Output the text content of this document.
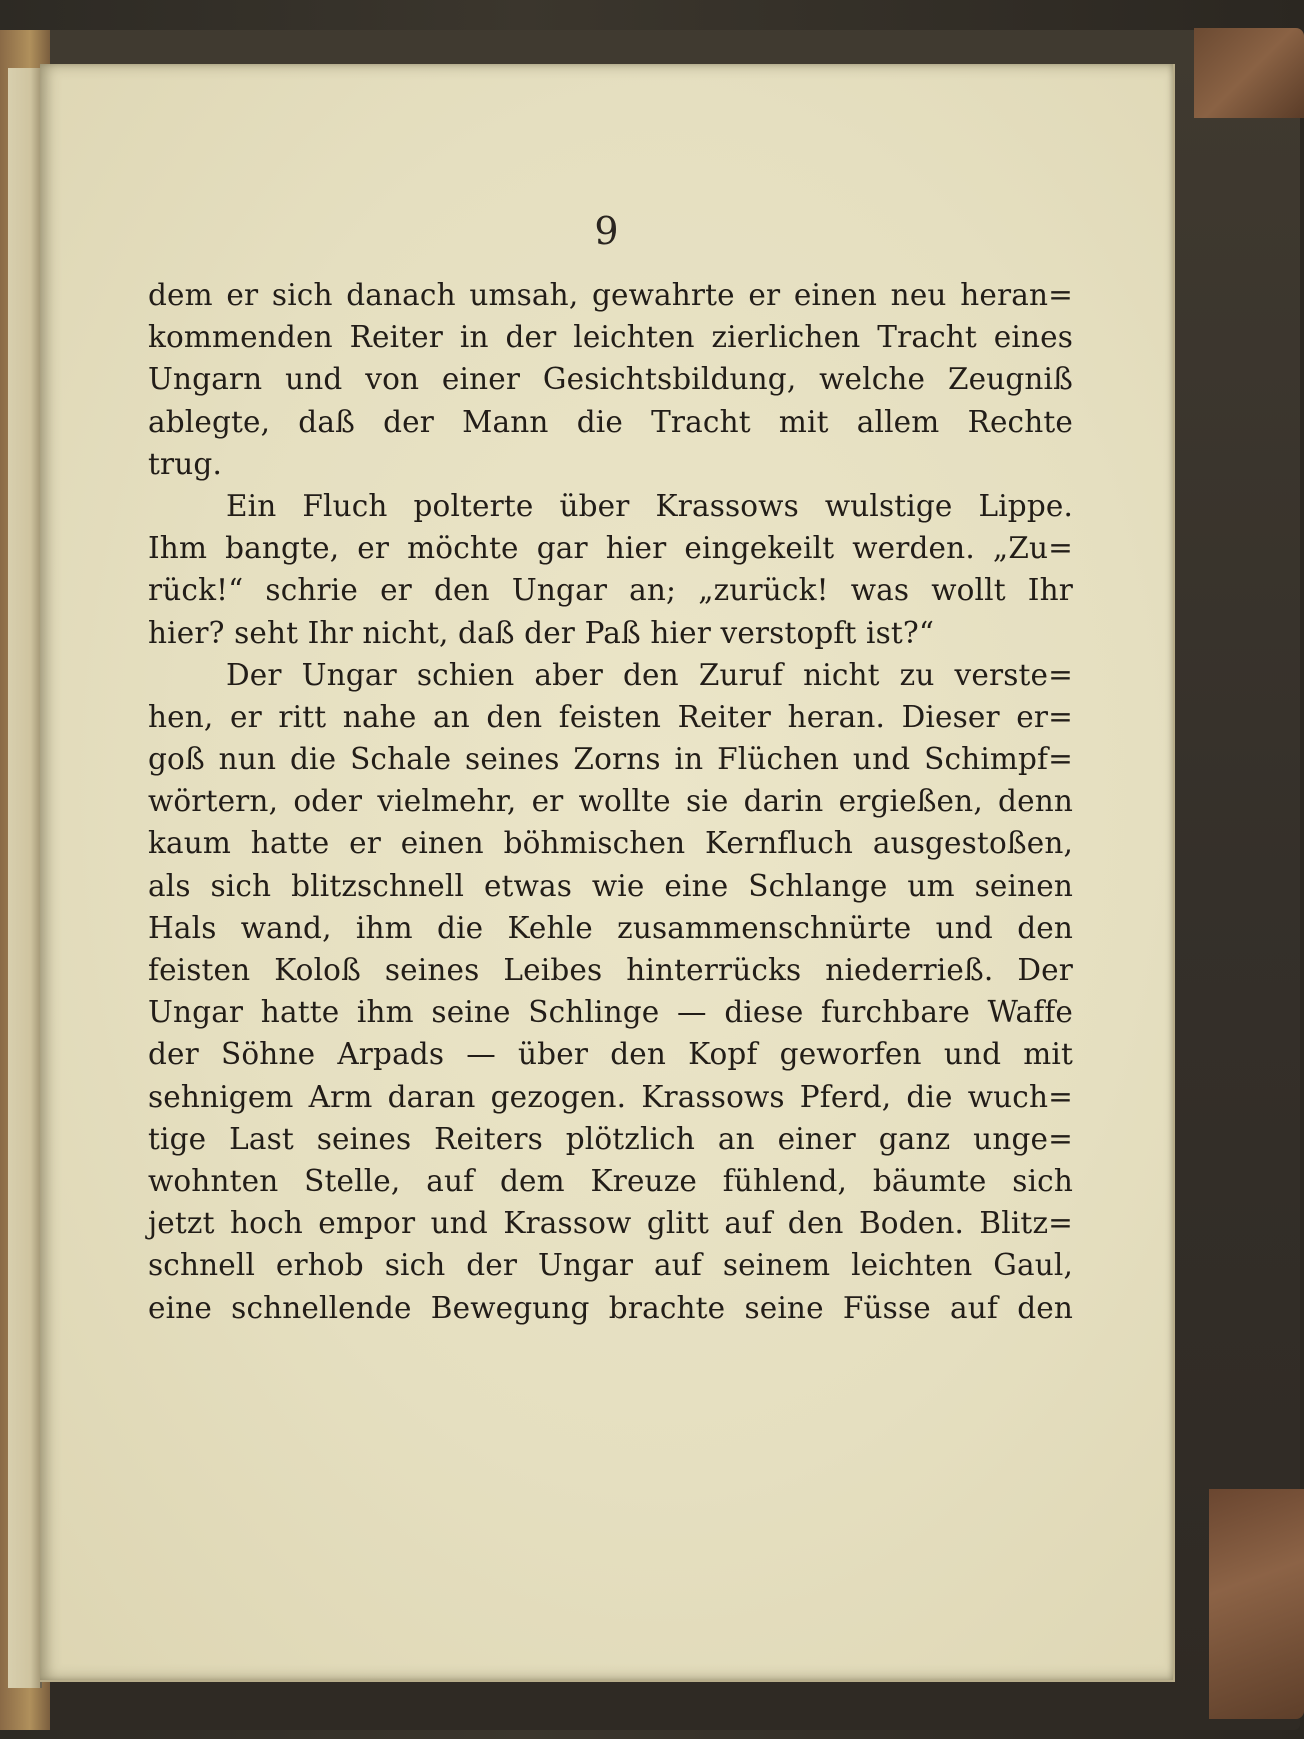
9
dem er sich danach umsah, gewahrte er einen neu heran=
kommenden Reiter in der leichten zierlichen Tracht eines
Ungarn und von einer Gesichtsbildung, welche Zeugniß
ablegte, daß der Mann die Tracht mit allem Rechte
trug.
Ein Fluch polterte über Krassows wulstige Lippe.
Ihm bangte, er möchte gar hier eingekeilt werden. „Zu=
rück!“ schrie er den Ungar an; „zurück! was wollt Ihr
hier? seht Ihr nicht, daß der Paß hier verstopft ist?“
Der Ungar schien aber den Zuruf nicht zu verste=
hen, er ritt nahe an den feisten Reiter heran. Dieser er=
goß nun die Schale seines Zorns in Flüchen und Schimpf=
wörtern, oder vielmehr, er wollte sie darin ergießen, denn
kaum hatte er einen böhmischen Kernfluch ausgestoßen,
als sich blitzschnell etwas wie eine Schlange um seinen
Hals wand, ihm die Kehle zusammenschnürte und den
feisten Koloß seines Leibes hinterrücks niederrieß. Der
Ungar hatte ihm seine Schlinge — diese furchbare Waffe
der Söhne Arpads — über den Kopf geworfen und mit
sehnigem Arm daran gezogen. Krassows Pferd, die wuch=
tige Last seines Reiters plötzlich an einer ganz unge=
wohnten Stelle, auf dem Kreuze fühlend, bäumte sich
jetzt hoch empor und Krassow glitt auf den Boden. Blitz=
schnell erhob sich der Ungar auf seinem leichten Gaul,
eine schnellende Bewegung brachte seine Füsse auf den
